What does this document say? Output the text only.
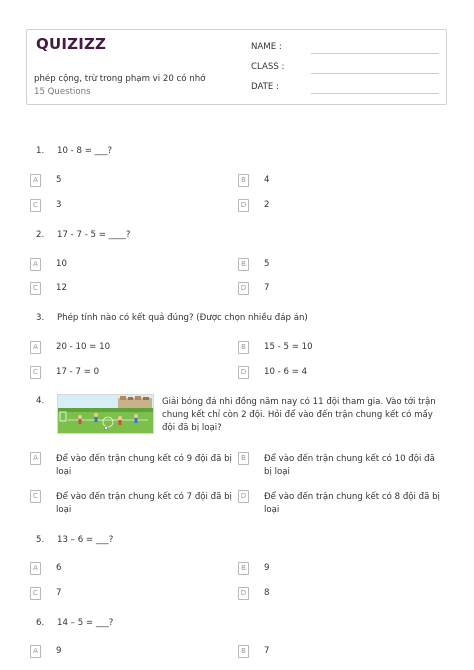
QUIZIZZ
phép cộng, trừ trong phạm vi 20 có nhớ
15 Questions
NAME :
CLASS :
DATE :
1. 10 - 8 = ___?
A	5	B	4
C	3	D	2
2. 17 - 7 - 5 = ____?
A	10	B	5
C	12	D	7
3. Phép tính nào có kết quả đúng? (Được chọn nhiều đáp án)
A	20 - 10 = 10	B	15 - 5 = 10
C	17 - 7 = 0	D	10 - 6 = 4
4.	Giải bóng đá nhi đồng năm nay có 11 đội tham gia. Vào tới trận chung kết chỉ còn 2 đội. Hỏi để vào đến trận chung kết có mấy đội đã bị loại?
A	Để vào đến trận chung kết có 9 đội đã bị loại
B	Để vào đến trận chung kết có 10 đội đã bị loại
C	Để vào đến trận chung kết có 7 đội đã bị loại
D	Để vào đến trận chung kết có 8 đội đã bị loại
5. 13 – 6 = ___?
A	6	B	9
C	7	D	8
6. 14 – 5 = ___?
A	9	B	7
